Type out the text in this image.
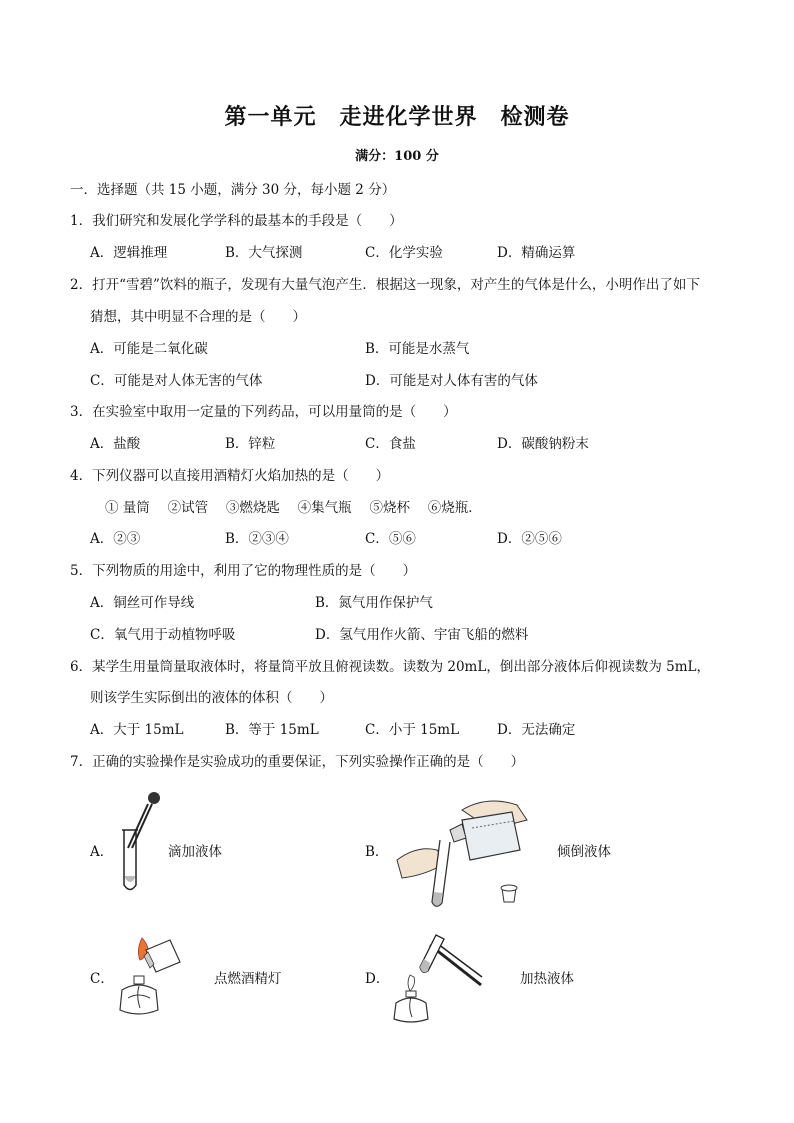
第一单元　走进化学世界　检测卷
满分：100 分
一．选择题（共 15 小题，满分 30 分，每小题 2 分）
1．我们研究和发展化学学科的最基本的手段是（　　）
A．逻辑推理	B．大气探测	C．化学实验	D．精确运算
2．打开“雪碧”饮料的瓶子，发现有大量气泡产生．根据这一现象，对产生的气体是什么，小明作出了如下
猜想，其中明显不合理的是（　　）
A．可能是二氧化碳	B．可能是水蒸气
C．可能是对人体无害的气体	D．可能是对人体有害的气体
3．在实验室中取用一定量的下列药品，可以用量筒的是（　　）
A．盐酸	B．锌粒	C．食盐	D．碳酸钠粉末
4．下列仪器可以直接用酒精灯火焰加热的是（　　）
① 量筒　 ②试管　 ③燃烧匙　 ④集气瓶　 ⑤烧杯　 ⑥烧瓶．
A．②③	B．②③④	C．⑤⑥	D．②⑤⑥
5．下列物质的用途中，利用了它的物理性质的是（　　）
A．铜丝可作导线	B．氮气用作保护气
C．氧气用于动植物呼吸	D．氢气用作火箭、宇宙飞船的燃料
6．某学生用量筒量取液体时，将量筒平放且俯视读数。读数为 20mL，倒出部分液体后仰视读数为 5mL，
则该学生实际倒出的液体的体积（　　）
A．大于 15mL	B．等于 15mL	C．小于 15mL	D．无法确定
7．正确的实验操作是实验成功的重要保证，下列实验操作正确的是（　　）
A．	滴加液体	B．	倾倒液体
C．	点燃酒精灯	D．	加热液体
